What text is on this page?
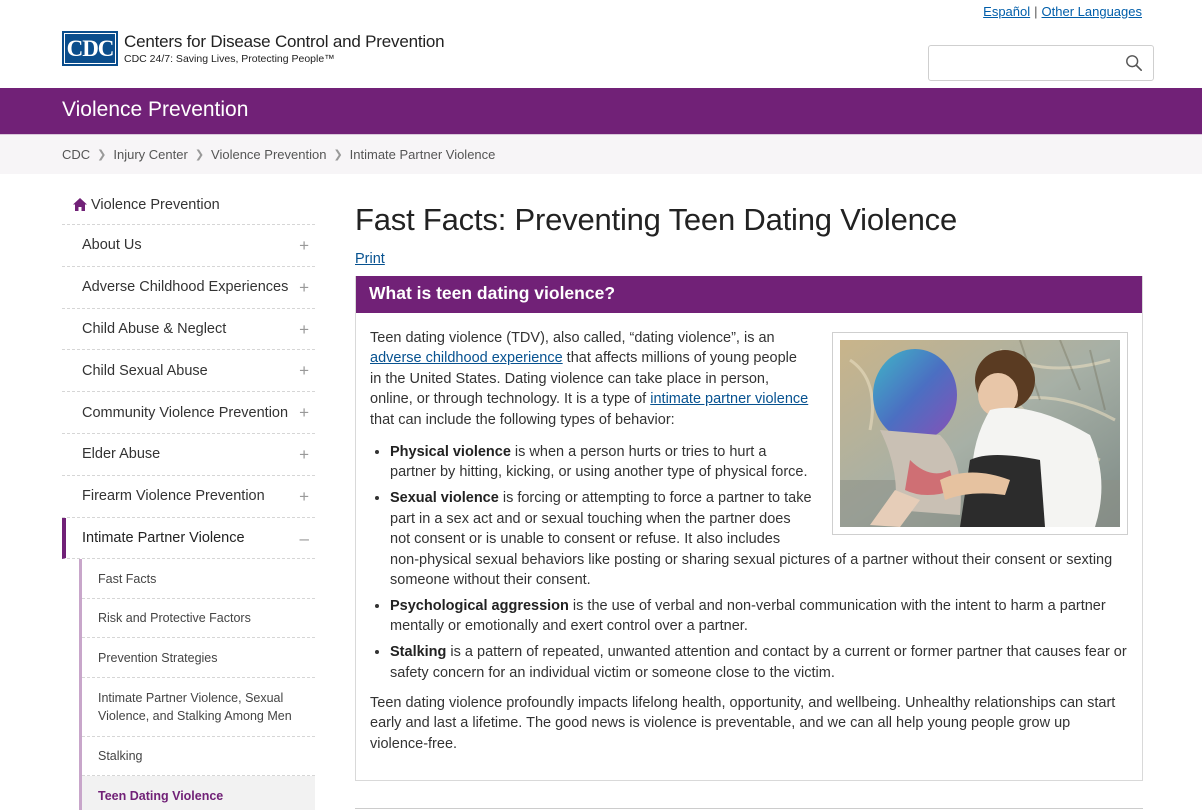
Español | Other Languages
CDC Centers for Disease Control and Prevention
CDC 24/7: Saving Lives, Protecting People™
Violence Prevention
CDC ❯ Injury Center ❯ Violence Prevention ❯ Intimate Partner Violence
Violence Prevention
About Us	+
Adverse Childhood Experiences +
Child Abuse & Neglect	+
Child Sexual Abuse	+
Community Violence Prevention +
Elder Abuse	+
Firearm Violence Prevention +
Intimate Partner Violence	–
Fast Facts
Risk and Protective Factors
Prevention Strategies
Intimate Partner Violence, Sexual Violence, and Stalking Among Men
Stalking
Teen Dating Violence
Fast Facts: Preventing Teen Dating Violence
Print
What is teen dating violence?

Teen dating violence (TDV), also called, “dating violence”, is an adverse childhood experience that affects millions of young people in the United States. Dating violence can take place in person, online, or through technology. It is a type of intimate partner violence that can include the following types of behavior:

• Physical violence is when a person hurts or tries to hurt a partner by hitting, kicking, or using another type of physical force.
• Sexual violence is forcing or attempting to force a partner to take part in a sex act and or sexual touching when the partner does not consent or is unable to consent or refuse. It also includes non-physical sexual behaviors like posting or sharing sexual pictures of a partner without their consent or sexting someone without their consent.
• Psychological aggression is the use of verbal and non-verbal communication with the intent to harm a partner mentally or emotionally and exert control over a partner.
• Stalking is a pattern of repeated, unwanted attention and contact by a current or former partner that causes fear or safety concern for an individual victim or someone close to the victim.

Teen dating violence profoundly impacts lifelong health, opportunity, and wellbeing. Unhealthy relationships can start early and last a lifetime. The good news is violence is preventable, and we can all help young people grow up violence-free.
